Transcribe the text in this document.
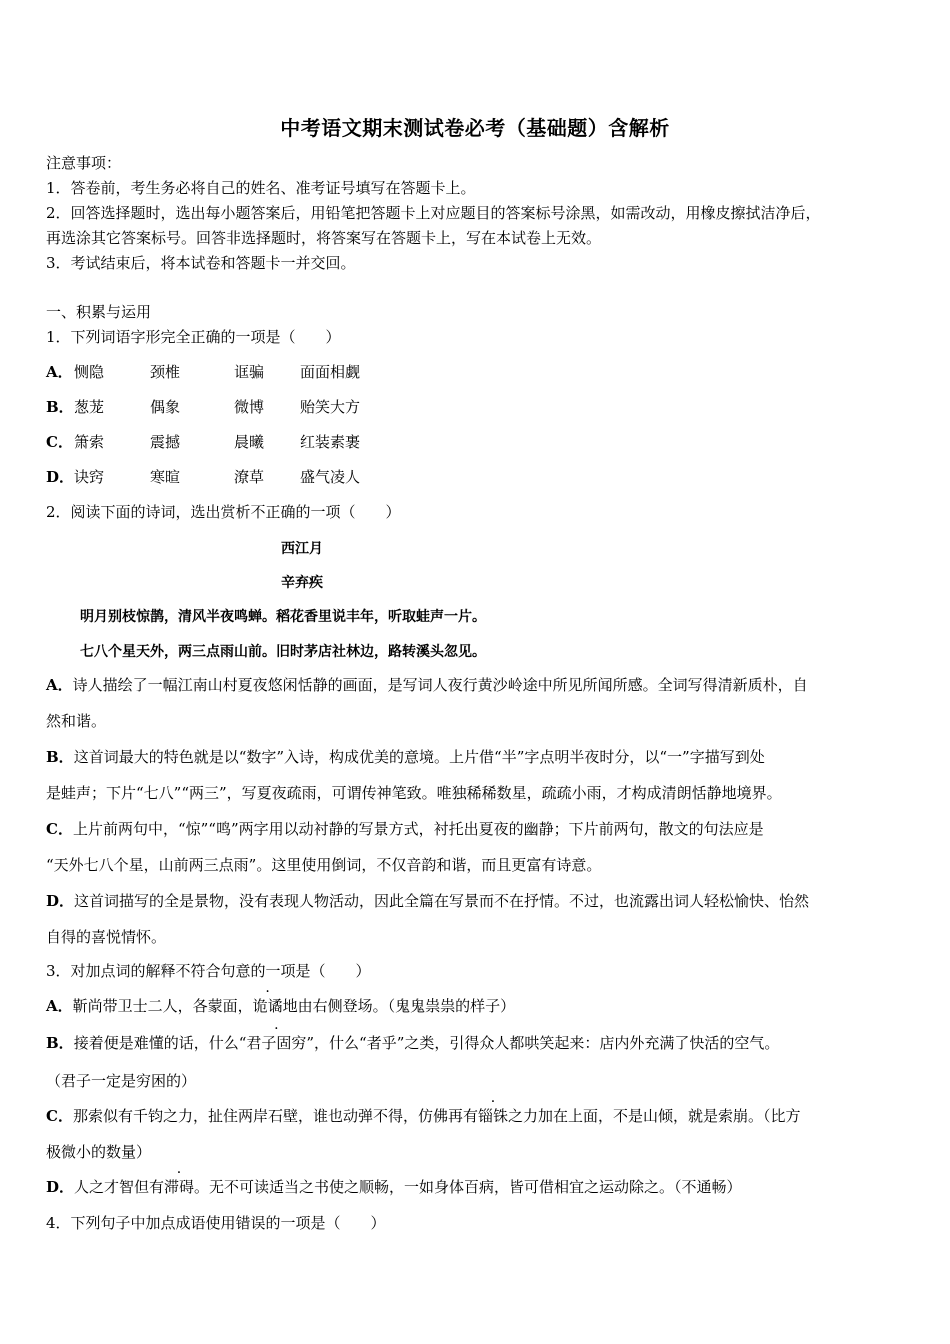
中考语文期末测试卷必考（基础题）含解析
注意事项：
1．答卷前，考生务必将自己的姓名、准考证号填写在答题卡上。
2．回答选择题时，选出每小题答案后，用铅笔把答题卡上对应题目的答案标号涂黑，如需改动，用橡皮擦拭洁净后，
再选涂其它答案标号。回答非选择题时，将答案写在答题卡上，写在本试卷上无效。
3．考试结束后，将本试卷和答题卡一并交回。
一、积累与运用
1．下列词语字形完全正确的一项是（　　）
A． 恻隐	颈椎	诓骗 面面相觑
B． 葱茏	偶象	微博 贻笑大方
C． 箫索	震撼	晨曦 红装素裹
D． 诀窍	寒暄	潦草 盛气凌人
2．阅读下面的诗词，选出赏析不正确的一项（　　）
西江月
辛弃疾
明月别枝惊鹊，清风半夜鸣蝉。稻花香里说丰年，听取蛙声一片。
七八个星天外，两三点雨山前。旧时茅店社林边，路转溪头忽见。
A．诗人描绘了一幅江南山村夏夜悠闲恬静的画面，是写词人夜行黄沙岭途中所见所闻所感。全词写得清新质朴，自
然和谐。
B．这首词最大的特色就是以“数字”入诗，构成优美的意境。上片借“半”字点明半夜时分，以“一”字描写到处
是蛙声；下片“七八”“两三”，写夏夜疏雨，可谓传神笔致。唯独稀稀数星，疏疏小雨，才构成清朗恬静地境界。
C．上片前两句中，“惊”“鸣”两字用以动衬静的写景方式，衬托出夏夜的幽静；下片前两句，散文的句法应是
“天外七八个星，山前两三点雨”。这里使用倒词，不仅音韵和谐，而且更富有诗意。
D．这首词描写的全是景物，没有表现人物活动，因此全篇在写景而不在抒情。不过，也流露出词人轻松愉快、怡然
自得的喜悦情怀。
3．对加点词的解释不符合句意的一项是（　　）
A．靳尚带卫士二人，各蒙面，诡谲地由右侧登场。（鬼鬼祟祟的样子）
B．接着便是难懂的话，什么“君子固穷”，什么“者乎”之类，引得众人都哄笑起来：店内外充满了快活的空气。
（君子一定是穷困的）
C．那索似有千钧之力，扯住两岸石壁，谁也动弹不得，仿佛再有锱铢之力加在上面，不是山倾，就是索崩。（比方
极微小的数量）
D．人之才智但有滞碍。无不可读适当之书使之顺畅，一如身体百病，皆可借相宜之运动除之。（不通畅）
4．下列句子中加点成语使用错误的一项是（　　）
